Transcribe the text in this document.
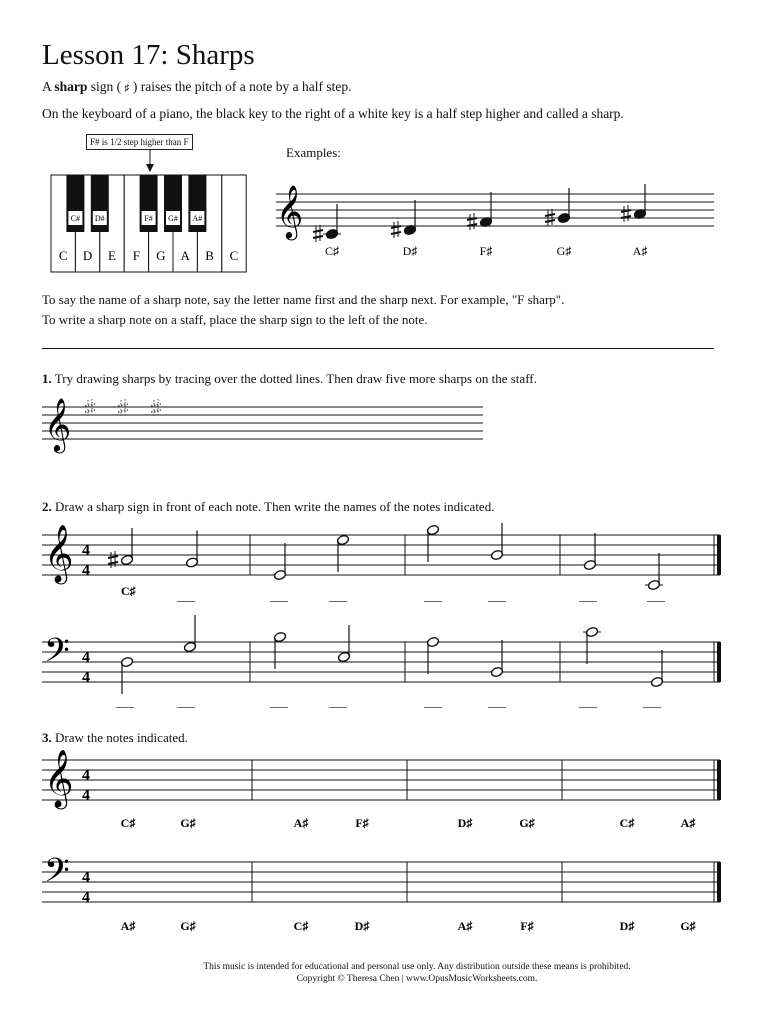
Lesson 17: Sharps

A sharp sign ( ♯ ) raises the pitch of a note by a half step.

On the keyboard of a piano, the black key to the right of a white key is a half step higher and called a sharp.

F# is 1/2 step higher than F

Examples:

To say the name of a sharp note, say the letter name first and the sharp next. For example, "F sharp".

To write a sharp note on a staff, place the sharp sign to the left of the note.

1. Try drawing sharps by tracing over the dotted lines. Then draw five more sharps on the staff.

2. Draw a sharp sign in front of each note. Then write the names of the notes indicated.

3. Draw the notes indicated.

This music is intended for educational and personal use only. Any distribution outside these means is prohibited.

Copyright © Theresa Chen | www.OpusMusicWorksheets.com.

C D E F G A B C
C# D#	F# G# A# 𝄞
C♯	D♯	F♯	G♯	A♯
𝄞
𝄞 4
4
C♯	___	___	___	___	___	___	___
𝄢 4
4
___	___	___	___	___	___	___	___
𝄞 4
4
C♯	G♯	A♯	F♯	D♯	G♯	C♯	A♯
𝄢 4
4
A♯	G♯	C♯	D♯	A♯	F♯	D♯	G♯
